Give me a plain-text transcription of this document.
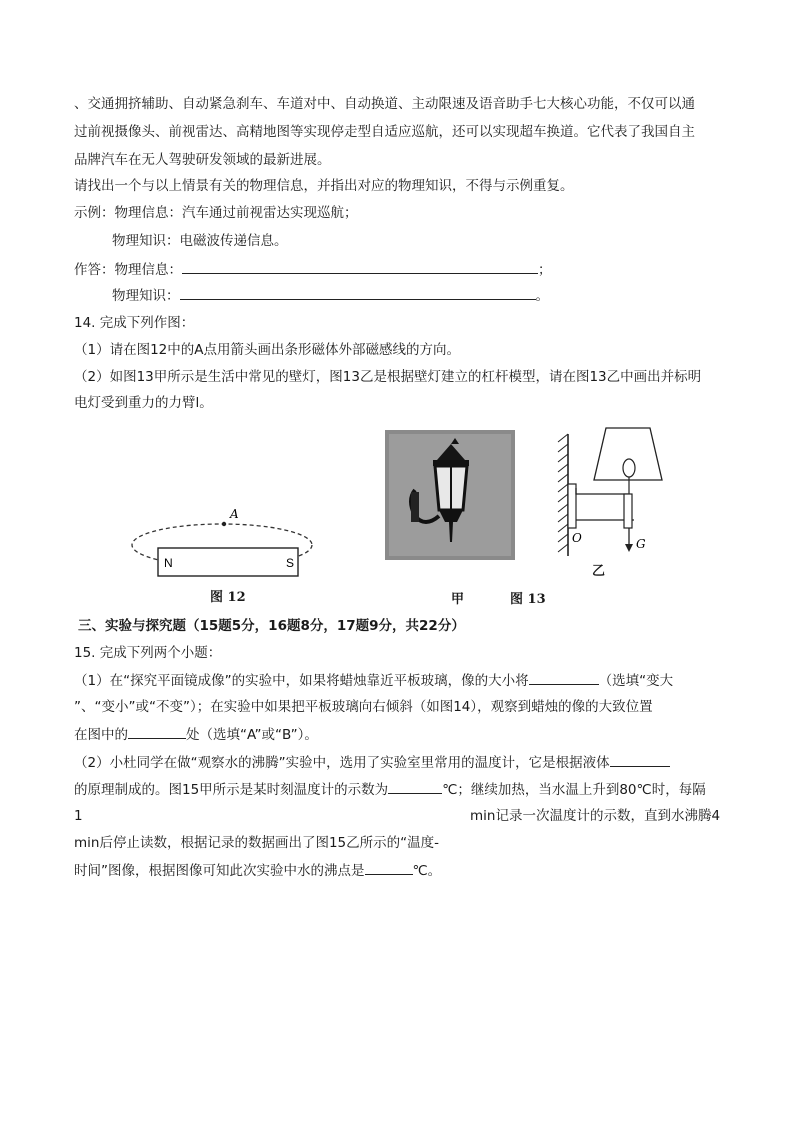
、交通拥挤辅助、自动紧急刹车、车道对中、自动换道、主动限速及语音助手七大核心功能，不仅可以通
过前视摄像头、前视雷达、高精地图等实现停走型自适应巡航，还可以实现超车换道。它代表了我国自主
品牌汽车在无人驾驶研发领域的最新进展。
请找出一个与以上情景有关的物理信息，并指出对应的物理知识，不得与示例重复。
示例：物理信息：汽车通过前视雷达实现巡航；
物理知识：电磁波传递信息。
作答：物理信息：	；
物理知识：	。
14. 完成下列作图：
（1）请在图12中的A点用箭头画出条形磁体外部磁感线的方向。
（2）如图13甲所示是生活中常见的壁灯，图13乙是根据壁灯建立的杠杆模型，请在图13乙中画出并标明
电灯受到重力的力臂l。
A
N	S
图 12	甲
O	G
乙
图 13
三、实验与探究题（15题5分，16题8分，17题9分，共22分）
15. 完成下列两个小题：
（1）在“探究平面镜成像”的实验中，如果将蜡烛靠近平板玻璃，像的大小将	（选填“变大
”、“变小”或“不变”）；在实验中如果把平板玻璃向右倾斜（如图14），观察到蜡烛的像的大致位置
在图中的	处（选填“A”或“B”）。
（2）小杜同学在做“观察水的沸腾”实验中，选用了实验室里常用的温度计，它是根据液体
的原理制成的。图15甲所示是某时刻温度计的示数为	℃；继续加热，当水温上升到80℃时，每隔
1	min记录一次温度计的示数，直到水沸腾4
min后停止读数，根据记录的数据画出了图15乙所示的“温度-
时间”图像，根据图像可知此次实验中水的沸点是	℃。
